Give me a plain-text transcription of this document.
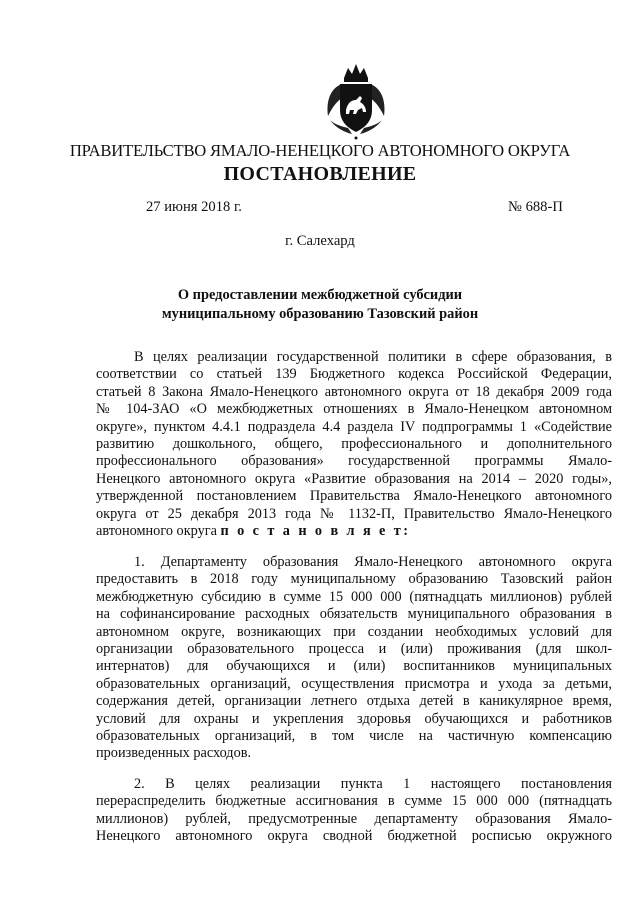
ПРАВИТЕЛЬСТВО ЯМАЛО-НЕНЕЦКОГО АВТОНОМНОГО ОКРУГА
ПОСТАНОВЛЕНИЕ
27 июня 2018 г.	№ 688-П
г. Салехард
О предоставлении межбюджетной субсидии
муниципальному образованию Тазовский район
В целях реализации государственной политики в сфере образования, в
соответствии со статьей 139 Бюджетного кодекса Российской Федерации,
статьей 8 Закона Ямало-Ненецкого автономного округа от 18 декабря 2009 года
№ 104-ЗАО «О межбюджетных отношениях в Ямало-Ненецком автономном
округе», пунктом 4.4.1 подраздела 4.4 раздела IV подпрограммы 1 «Содействие
развитию дошкольного, общего, профессионального и дополнительного
профессионального образования» государственной программы Ямало-
Ненецкого автономного округа «Развитие образования на 2014 – 2020 годы»,
утвержденной постановлением Правительства Ямало-Ненецкого автономного
округа от 25 декабря 2013 года № 1132-П, Правительство Ямало-Ненецкого
автономного округа п о с т а н о в л я е т:
1. Департаменту образования Ямало-Ненецкого автономного округа
предоставить в 2018 году муниципальному образованию Тазовский район
межбюджетную субсидию в сумме 15 000 000 (пятнадцать миллионов) рублей
на софинансирование расходных обязательств муниципального образования в
автономном округе, возникающих при создании необходимых условий для
организации образовательного процесса и (или) проживания (для школ-
интернатов) для обучающихся и (или) воспитанников муниципальных
образовательных организаций, осуществления присмотра и ухода за детьми,
содержания детей, организации летнего отдыха детей в каникулярное время,
условий для охраны и укрепления здоровья обучающихся и работников
образовательных организаций, в том числе на частичную компенсацию
произведенных расходов.
2. В целях реализации пункта 1 настоящего постановления
перераспределить бюджетные ассигнования в сумме 15 000 000 (пятнадцать
миллионов) рублей, предусмотренные департаменту образования Ямало-
Ненецкого автономного округа сводной бюджетной росписью окружного
